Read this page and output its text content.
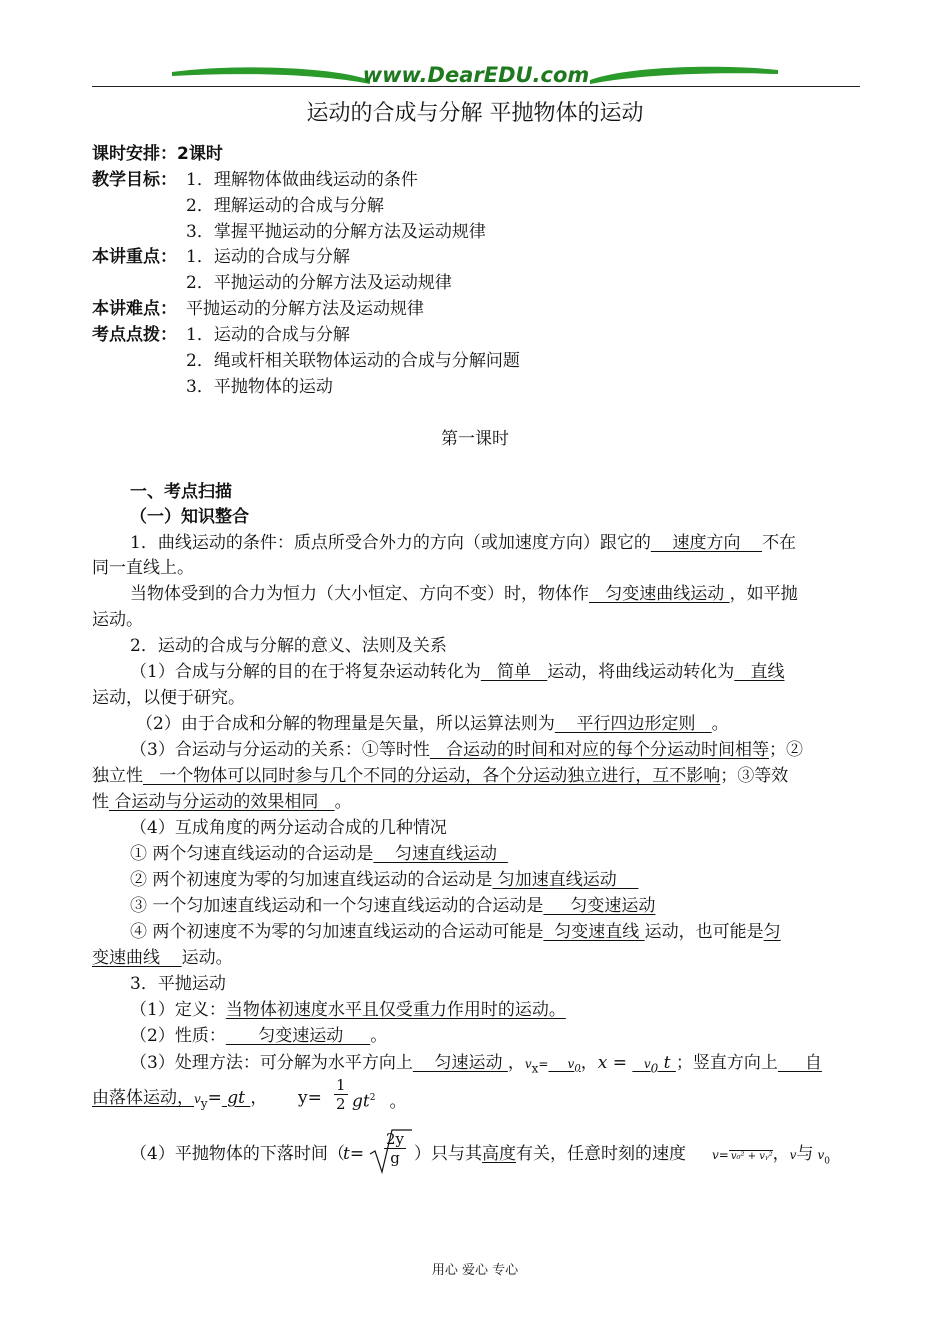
www.DearEDU.com
运动的合成与分解 平抛物体的运动
课时安排：2课时
教学目标： 1．理解物体做曲线运动的条件
2．理解运动的合成与分解
3．掌握平抛运动的分解方法及运动规律
本讲重点： 1．运动的合成与分解
2．平抛运动的分解方法及运动规律
本讲难点： 平抛运动的分解方法及运动规律
考点点拨： 1．运动的合成与分解
2．绳或杆相关联物体运动的合成与分解问题
3．平抛物体的运动
第一课时
一、考点扫描
（一）知识整合
1．曲线运动的条件：质点所受合外力的方向（或加速度方向）跟它的    速度方向    不在
同一直线上。
当物体受到的合力为恒力（大小恒定、方向不变）时，物体作   匀变速曲线运动 ，如平抛
运动。
2．运动的合成与分解的意义、法则及关系
（1）合成与分解的目的在于将复杂运动转化为   简单   运动，将曲线运动转化为   直线
运动，以便于研究。
（2）由于合成和分解的物理量是矢量，所以运算法则为    平行四边形定则   。
（3）合运动与分运动的关系：①等时性   合运动的时间和对应的每个分运动时间相等；②
独立性   一个物体可以同时参与几个不同的分运动，各个分运动独立进行，互不影响；③等效
性 合运动与分运动的效果相同   。
（4）互成角度的两分运动合成的几种情况
① 两个匀速直线运动的合运动是    匀速直线运动
② 两个初速度为零的匀加速直线运动的合运动是 匀加速直线运动
③ 一个匀加速直线运动和一个匀速直线运动的合运动是     匀变速运动
④ 两个初速度不为零的匀加速直线运动的合运动可能是  匀变速直线 运动，也可能是匀
变速曲线    运动。
3．平抛运动
（1）定义：当物体初速度水平且仅受重力作用时的运动。
（2）性质：      匀变速运动     。
（3）处理方法：可分解为水平方向上    匀速运动 ，$v_x=$     $v_0$，x =    $v_0$ t ；竖直方向上     自
由落体运动，$v_y=$ gt ， $y= \frac{1}{2} gt^2$ 。
（4）平抛物体的下落时间（
$t= \frac{2y}{g}$ ）只与其高度有关，任意时刻的速度 v= v₀² + vᵧ²，v与 $v_0$
用心 爱心 专心
